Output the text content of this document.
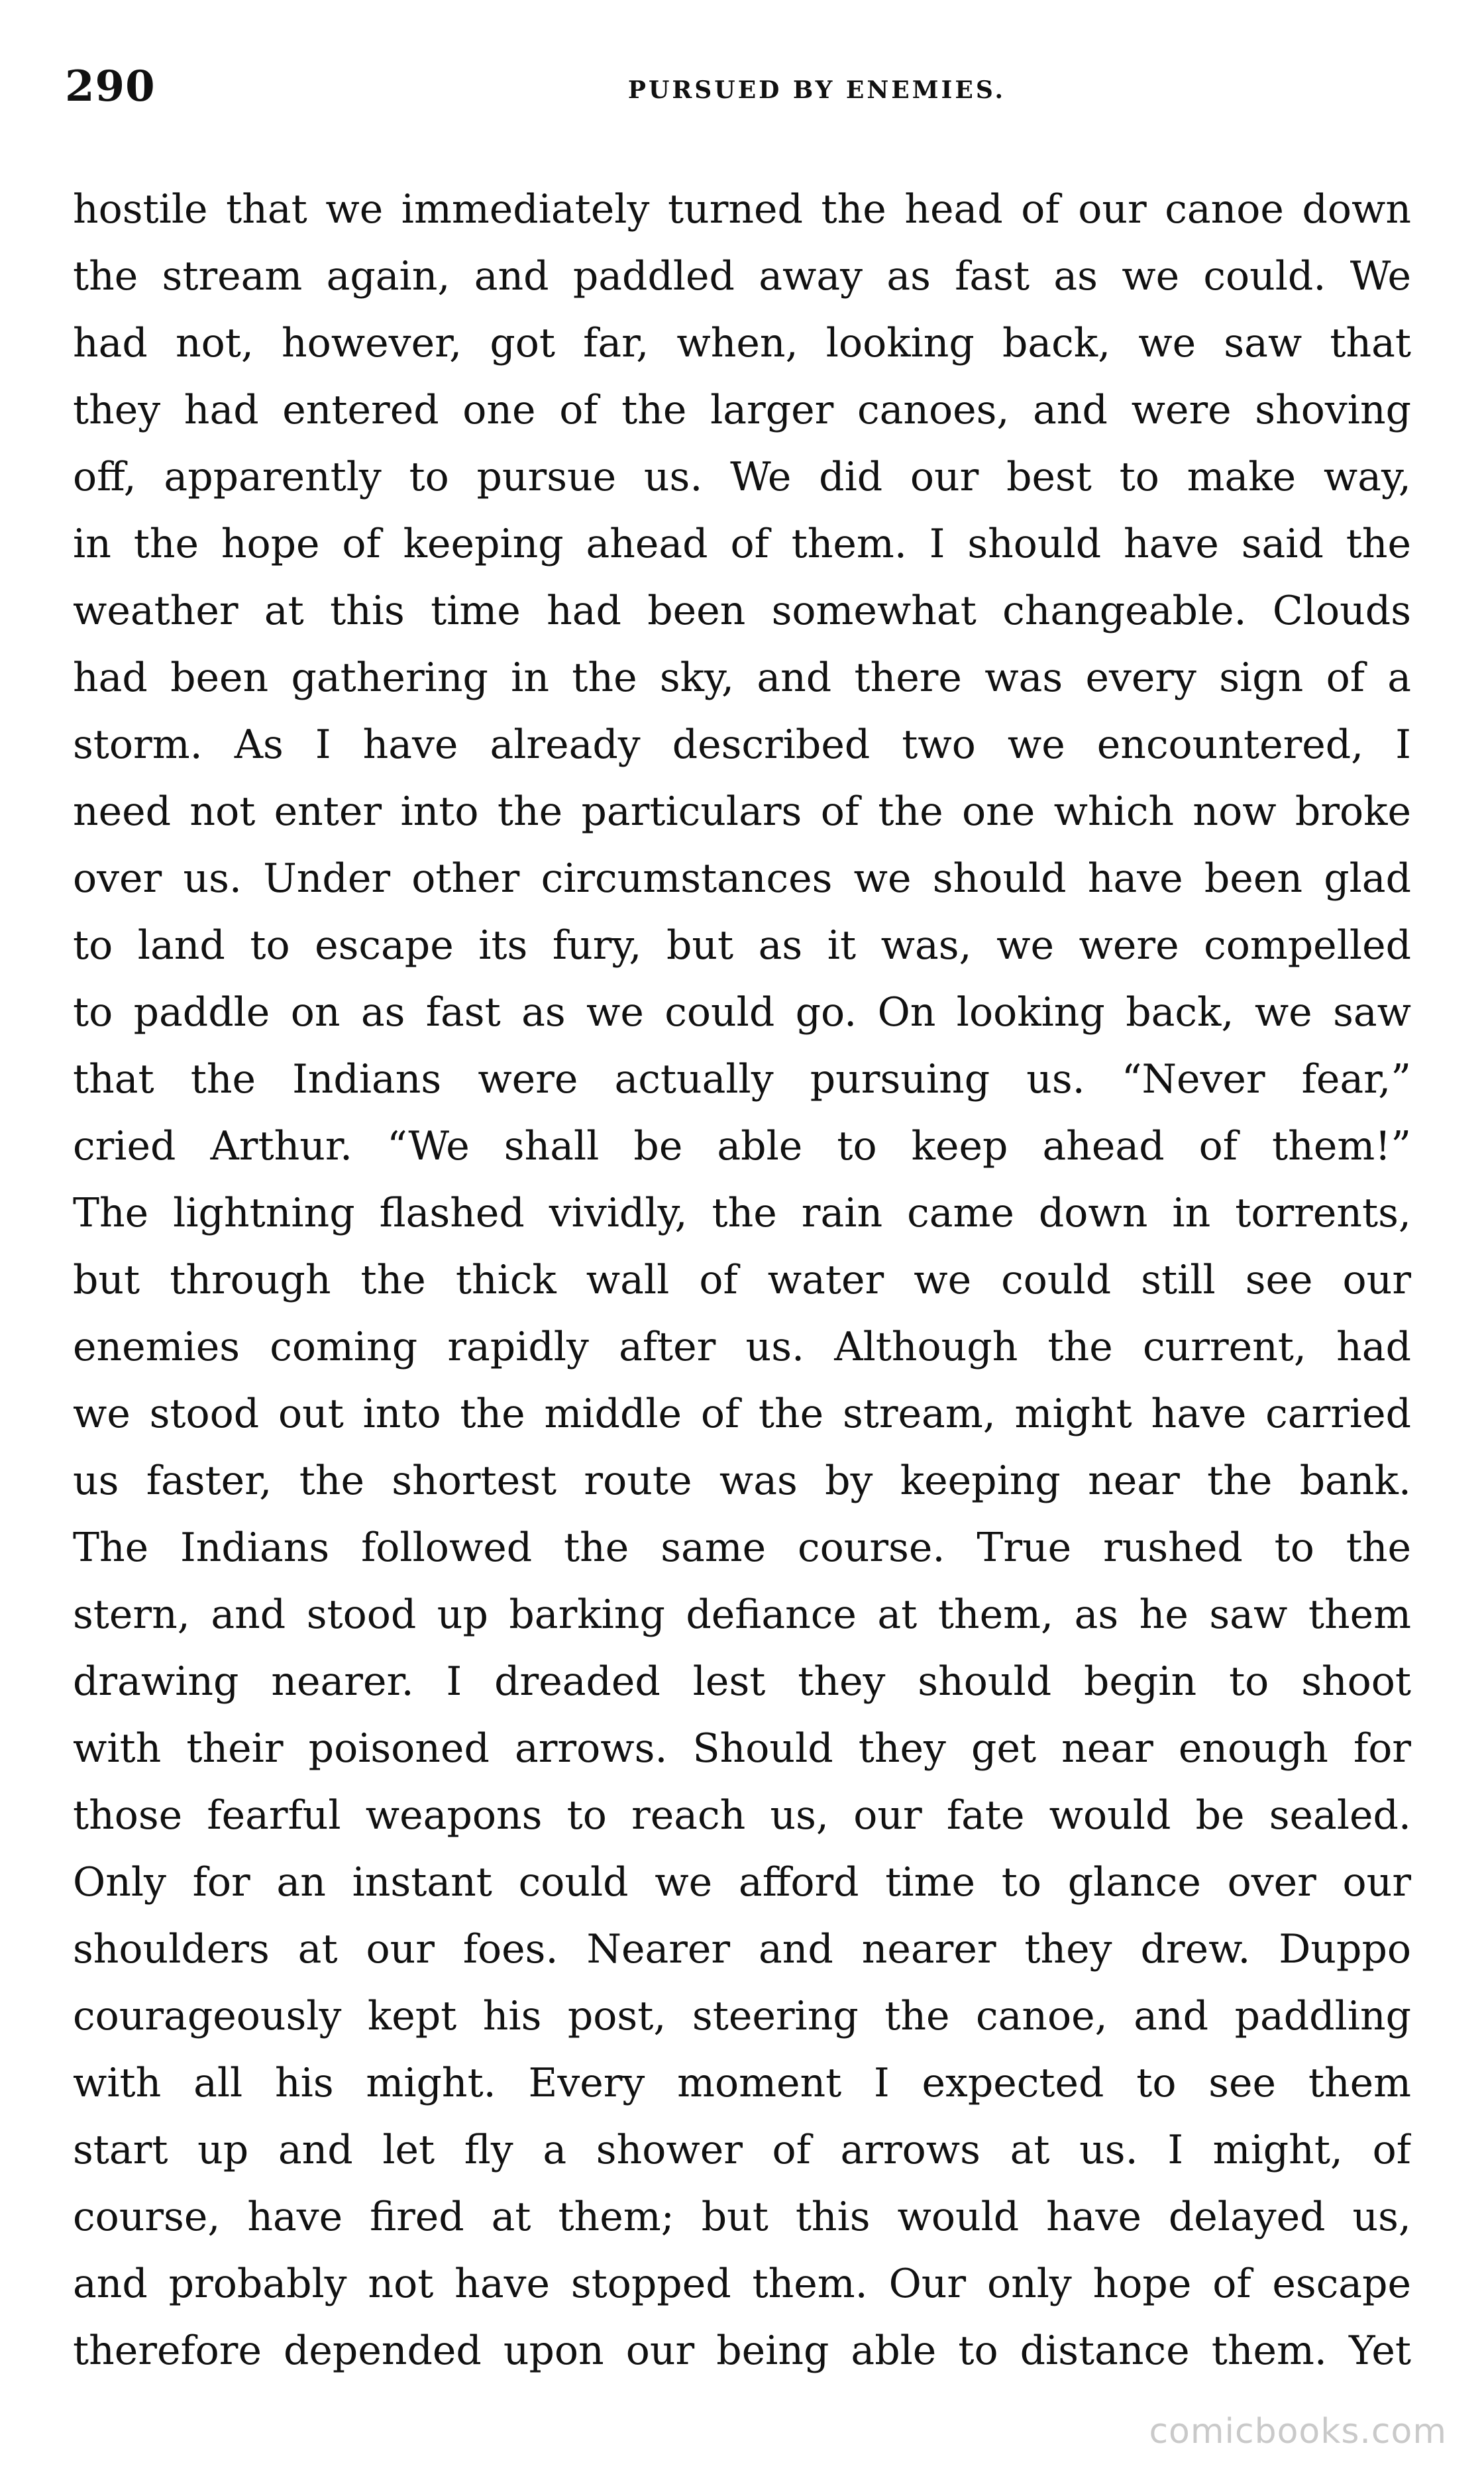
290	PURSUED BY ENEMIES.
hostile that we immediately turned the head of our canoe down
the stream again, and paddled away as fast as we could. We
had not, however, got far, when, looking back, we saw that
they had entered one of the larger canoes, and were shoving
off, apparently to pursue us. We did our best to make way,
in the hope of keeping ahead of them. I should have said the
weather at this time had been somewhat changeable. Clouds
had been gathering in the sky, and there was every sign of a
storm. As I have already described two we encountered, I
need not enter into the particulars of the one which now broke
over us. Under other circumstances we should have been glad
to land to escape its fury, but as it was, we were compelled
to paddle on as fast as we could go. On looking back, we saw
that the Indians were actually pursuing us. “Never fear,”
cried Arthur. “We shall be able to keep ahead of them!”
The lightning flashed vividly, the rain came down in torrents,
but through the thick wall of water we could still see our
enemies coming rapidly after us. Although the current, had
we stood out into the middle of the stream, might have carried
us faster, the shortest route was by keeping near the bank.
The Indians followed the same course. True rushed to the
stern, and stood up barking defiance at them, as he saw them
drawing nearer. I dreaded lest they should begin to shoot
with their poisoned arrows. Should they get near enough for
those fearful weapons to reach us, our fate would be sealed.
Only for an instant could we afford time to glance over our
shoulders at our foes. Nearer and nearer they drew. Duppo
courageously kept his post, steering the canoe, and paddling
with all his might. Every moment I expected to see them
start up and let fly a shower of arrows at us. I might, of
course, have fired at them; but this would have delayed us,
and probably not have stopped them. Our only hope of escape
therefore depended upon our being able to distance them. Yet
comicbooks.com
